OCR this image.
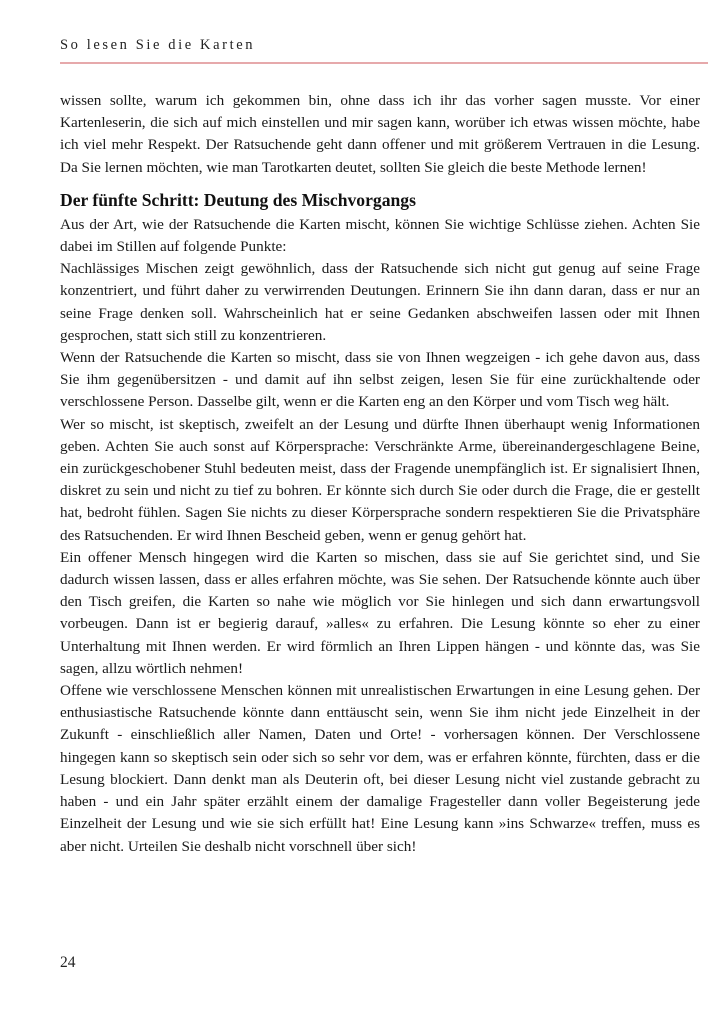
So lesen Sie die Karten

wissen sollte, warum ich gekommen bin, ohne dass ich ihr das vorher sagen musste. Vor einer Kartenleserin, die sich auf mich einstellen und mir sagen kann, worüber ich etwas wissen möchte, habe ich viel mehr Respekt. Der Ratsuchende geht dann offener und mit größerem Vertrauen in die Lesung. Da Sie lernen möchten, wie man Tarotkarten deutet, sollten Sie gleich die beste Methode lernen!

Der fünfte Schritt: Deutung des Mischvorgangs

Aus der Art, wie der Ratsuchende die Karten mischt, können Sie wichtige Schlüsse ziehen. Achten Sie dabei im Stillen auf folgende Punkte:

Nachlässiges Mischen zeigt gewöhnlich, dass der Ratsuchende sich nicht gut genug auf seine Frage konzentriert, und führt daher zu verwirrenden Deutungen. Erinnern Sie ihn dann daran, dass er nur an seine Frage denken soll. Wahrscheinlich hat er seine Gedanken abschweifen lassen oder mit Ihnen gesprochen, statt sich still zu konzentrieren.

Wenn der Ratsuchende die Karten so mischt, dass sie von Ihnen wegzeigen - ich gehe davon aus, dass Sie ihm gegenübersitzen - und damit auf ihn selbst zeigen, lesen Sie für eine zurückhaltende oder verschlossene Person. Dasselbe gilt, wenn er die Karten eng an den Körper und vom Tisch weg hält.

Wer so mischt, ist skeptisch, zweifelt an der Lesung und dürfte Ihnen überhaupt wenig Informationen geben. Achten Sie auch sonst auf Körpersprache: Verschränkte Arme, übereinandergeschlagene Beine, ein zurückgeschobener Stuhl bedeuten meist, dass der Fragende unempfänglich ist. Er signalisiert Ihnen, diskret zu sein und nicht zu tief zu bohren. Er könnte sich durch Sie oder durch die Frage, die er gestellt hat, bedroht fühlen. Sagen Sie nichts zu dieser Körpersprache sondern respektieren Sie die Privatsphäre des Ratsuchenden. Er wird Ihnen Bescheid geben, wenn er genug gehört hat.

Ein offener Mensch hingegen wird die Karten so mischen, dass sie auf Sie gerichtet sind, und Sie dadurch wissen lassen, dass er alles erfahren möchte, was Sie sehen. Der Ratsuchende könnte auch über den Tisch greifen, die Karten so nahe wie möglich vor Sie hinlegen und sich dann erwartungsvoll vorbeugen. Dann ist er begierig darauf, »alles« zu erfahren. Die Lesung könnte so eher zu einer Unterhaltung mit Ihnen werden. Er wird förmlich an Ihren Lippen hängen - und könnte das, was Sie sagen, allzu wörtlich nehmen!

Offene wie verschlossene Menschen können mit unrealistischen Erwartungen in eine Lesung gehen. Der enthusiastische Ratsuchende könnte dann enttäuscht sein, wenn Sie ihm nicht jede Einzelheit in der Zukunft - einschließlich aller Namen, Daten und Orte! - vorhersagen können. Der Verschlossene hingegen kann so skeptisch sein oder sich so sehr vor dem, was er erfahren könnte, fürchten, dass er die Lesung blockiert. Dann denkt man als Deuterin oft, bei dieser Lesung nicht viel zustande gebracht zu haben - und ein Jahr später erzählt einem der damalige Fragesteller dann voller Begeisterung jede Einzelheit der Lesung und wie sie sich erfüllt hat! Eine Lesung kann »ins Schwarze« treffen, muss es aber nicht. Urteilen Sie deshalb nicht vorschnell über sich!

24
